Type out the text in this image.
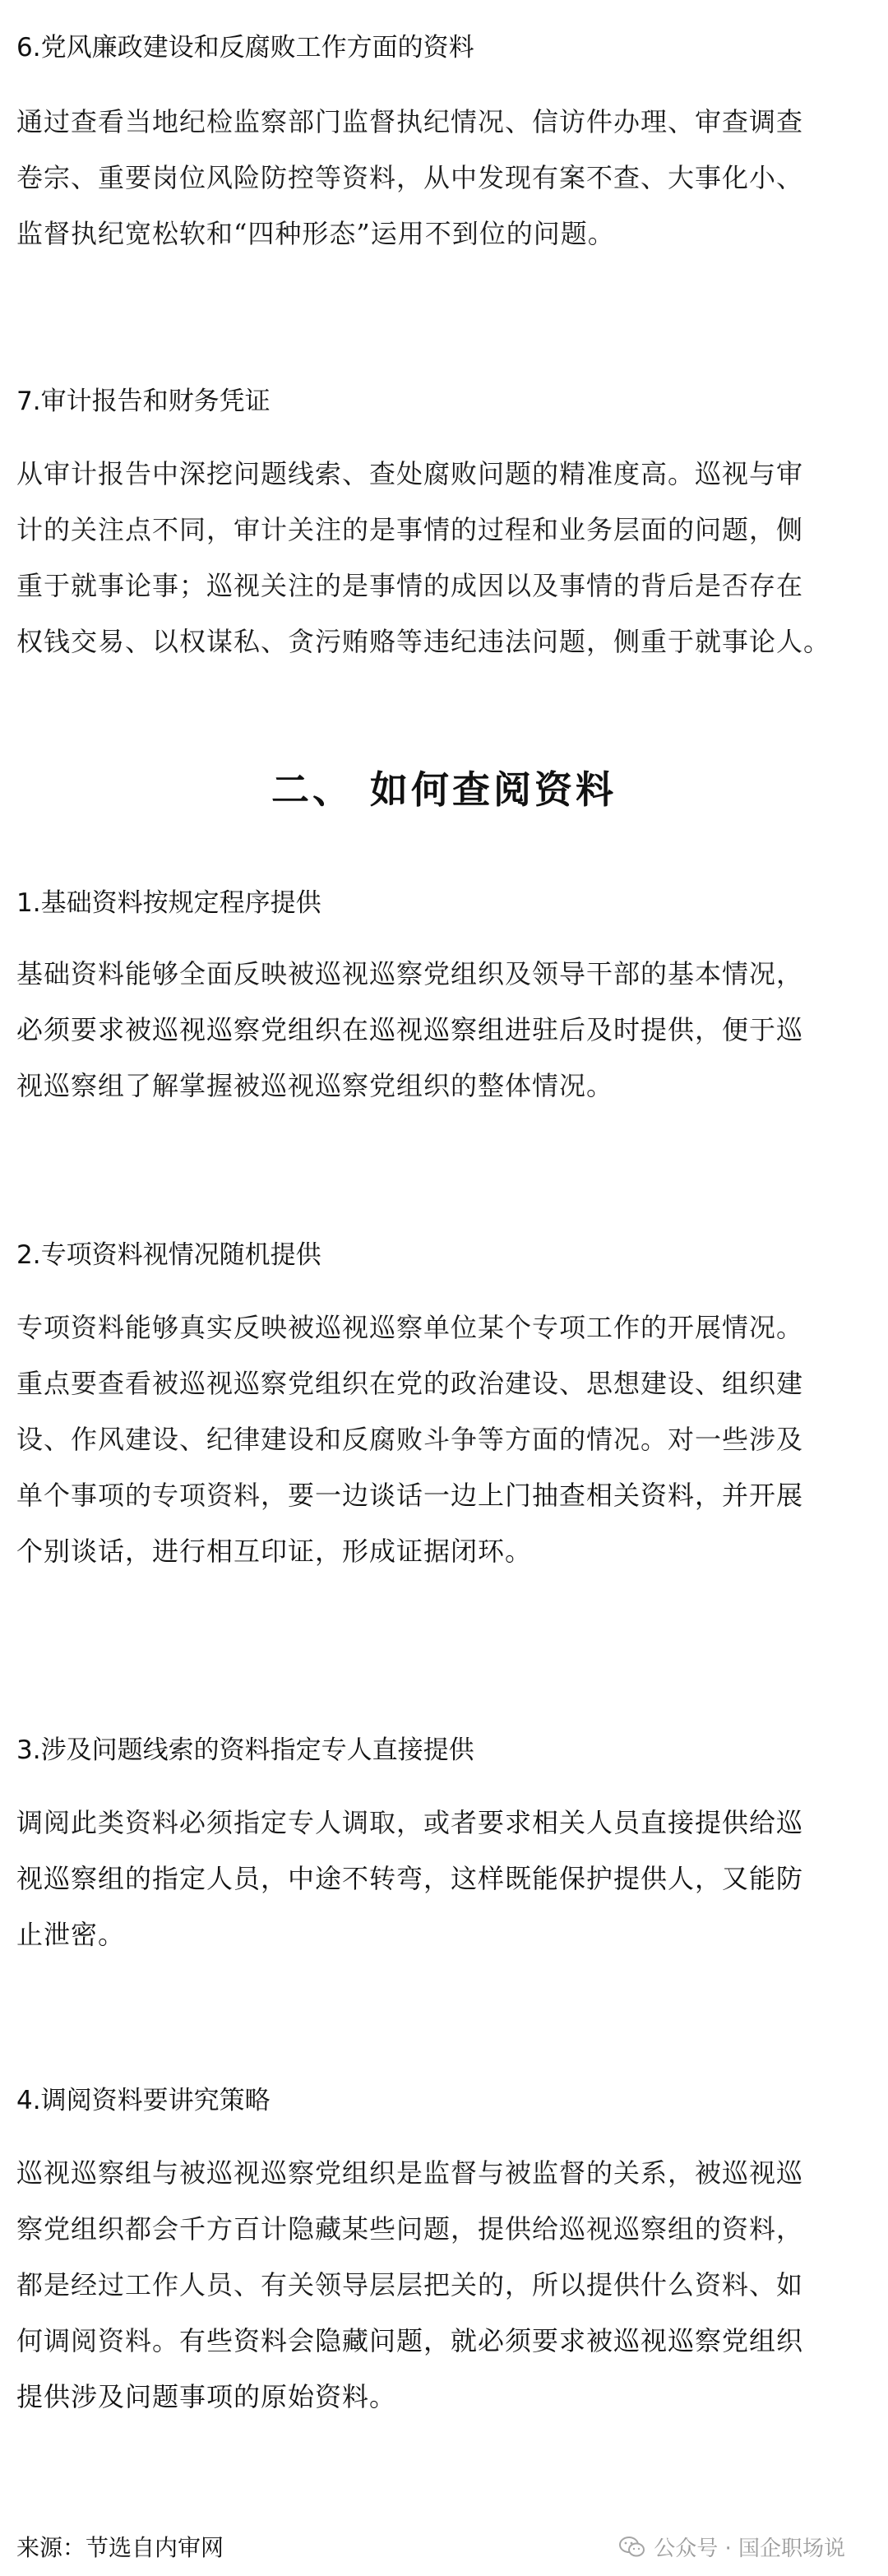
6.党风廉政建设和反腐败工作方面的资料

通过查看当地纪检监察部门监督执纪情况、信访件办理、审查调查

卷宗、重要岗位风险防控等资料，从中发现有案不查、大事化小、

监督执纪宽松软和“四种形态”运用不到位的问题。

7.审计报告和财务凭证

从审计报告中深挖问题线索、查处腐败问题的精准度高。巡视与审

计的关注点不同，审计关注的是事情的过程和业务层面的问题，侧

重于就事论事；巡视关注的是事情的成因以及事情的背后是否存在

权钱交易、以权谋私、贪污贿赂等违纪违法问题，侧重于就事论人。

二、 如何查阅资料

1.基础资料按规定程序提供

基础资料能够全面反映被巡视巡察党组织及领导干部的基本情况，

必须要求被巡视巡察党组织在巡视巡察组进驻后及时提供，便于巡

视巡察组了解掌握被巡视巡察党组织的整体情况。

2.专项资料视情况随机提供

专项资料能够真实反映被巡视巡察单位某个专项工作的开展情况。

重点要查看被巡视巡察党组织在党的政治建设、思想建设、组织建

设、作风建设、纪律建设和反腐败斗争等方面的情况。对一些涉及

单个事项的专项资料，要一边谈话一边上门抽查相关资料，并开展

个别谈话，进行相互印证，形成证据闭环。

3.涉及问题线索的资料指定专人直接提供

调阅此类资料必须指定专人调取，或者要求相关人员直接提供给巡

视巡察组的指定人员，中途不转弯，这样既能保护提供人，又能防

止泄密。

4.调阅资料要讲究策略

巡视巡察组与被巡视巡察党组织是监督与被监督的关系，被巡视巡

察党组织都会千方百计隐藏某些问题，提供给巡视巡察组的资料，

都是经过工作人员、有关领导层层把关的，所以提供什么资料、如

何调阅资料。有些资料会隐藏问题，就必须要求被巡视巡察党组织

提供涉及问题事项的原始资料。

来源：节选自内审网	公众号 · 国企职场说
